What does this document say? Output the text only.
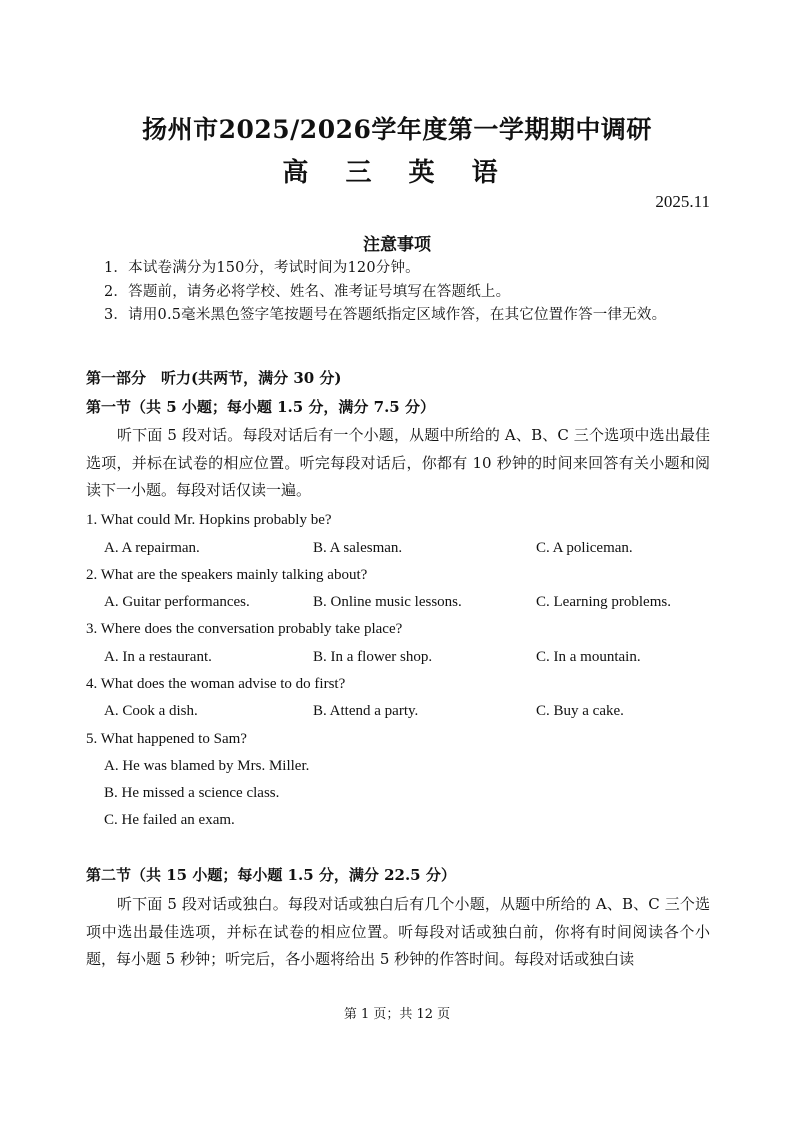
扬州市2025/2026学年度第一学期期中调研
高 三 英 语
2025.11
注意事项
1．本试卷满分为150分，考试时间为120分钟。
2．答题前，请务必将学校、姓名、准考证号填写在答题纸上。
3．请用0.5毫米黑色签字笔按题号在答题纸指定区域作答，在其它位置作答一律无效。
第一部分　听力(共两节，满分 30 分)
第一节（共 5 小题；每小题 1.5 分，满分 7.5 分）
听下面 5 段对话。每段对话后有一个小题，从题中所给的 A、B、C 三个选项中选出最佳选项，并标在试卷的相应位置。听完每段对话后，你都有 10 秒钟的时间来回答有关小题和阅读下一小题。每段对话仅读一遍。
1. What could Mr. Hopkins probably be?
A. A repairman.	B. A salesman.	C. A policeman.
2. What are the speakers mainly talking about?
A. Guitar performances.	B. Online music lessons.	C. Learning problems.
3. Where does the conversation probably take place?
A. In a restaurant.	B. In a flower shop.	C. In a mountain.
4. What does the woman advise to do first?
A. Cook a dish.	B. Attend a party.	C. Buy a cake.
5. What happened to Sam?
A. He was blamed by Mrs. Miller.
B. He missed a science class.
C. He failed an exam.
第二节（共 15 小题；每小题 1.5 分，满分 22.5 分）
听下面 5 段对话或独白。每段对话或独白后有几个小题，从题中所给的 A、B、C 三个选项中选出最佳选项，并标在试卷的相应位置。听每段对话或独白前，你将有时间阅读各个小题，每小题 5 秒钟；听完后，各小题将给出 5 秒钟的作答时间。每段对话或独白读
第 1 页；共 12 页
